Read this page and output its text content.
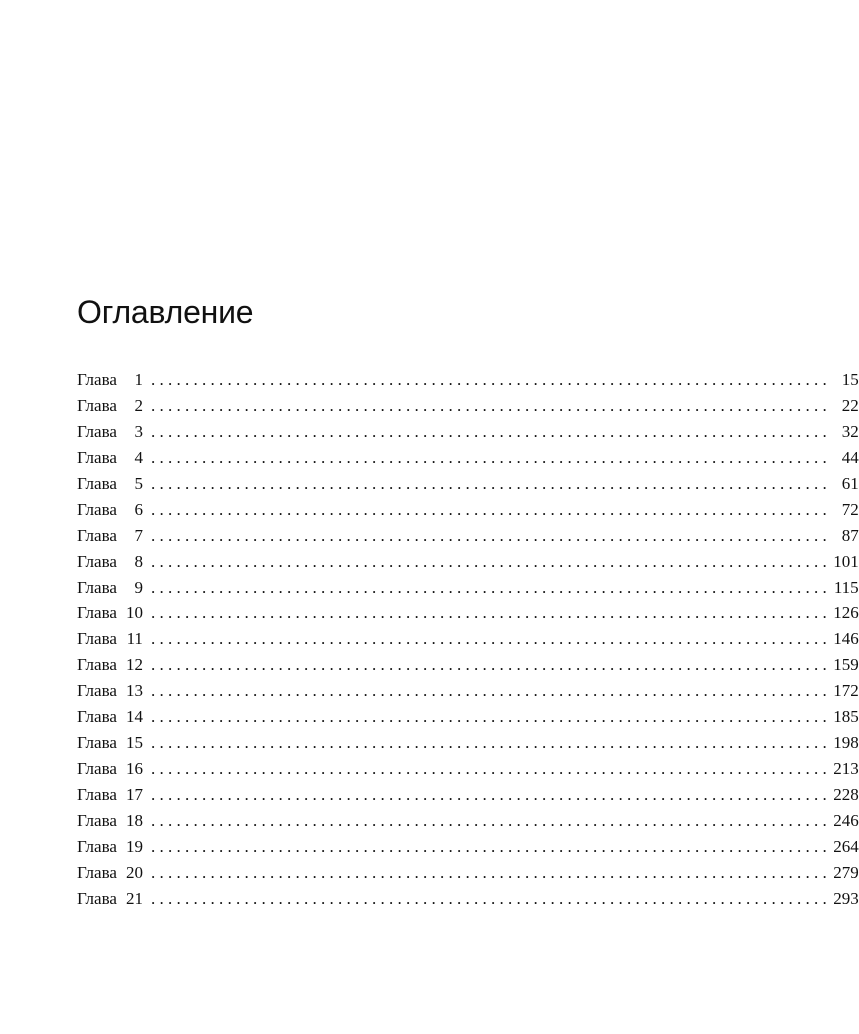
Оглавление
Глава	1 . . . . . . . . . . . . . . . . . . . . . . . . . . . . . . . . . . . . . . . . . . . . . . . . . . . . . . . . . . . . . . . . . . . . . . . . . . . . . . . . 15
Глава	2 . . . . . . . . . . . . . . . . . . . . . . . . . . . . . . . . . . . . . . . . . . . . . . . . . . . . . . . . . . . . . . . . . . . . . . . . . . . . . . . . 22
Глава	3 . . . . . . . . . . . . . . . . . . . . . . . . . . . . . . . . . . . . . . . . . . . . . . . . . . . . . . . . . . . . . . . . . . . . . . . . . . . . . . . . 32
Глава	4 . . . . . . . . . . . . . . . . . . . . . . . . . . . . . . . . . . . . . . . . . . . . . . . . . . . . . . . . . . . . . . . . . . . . . . . . . . . . . . . . 44
Глава	5 . . . . . . . . . . . . . . . . . . . . . . . . . . . . . . . . . . . . . . . . . . . . . . . . . . . . . . . . . . . . . . . . . . . . . . . . . . . . . . . . 61
Глава	6 . . . . . . . . . . . . . . . . . . . . . . . . . . . . . . . . . . . . . . . . . . . . . . . . . . . . . . . . . . . . . . . . . . . . . . . . . . . . . . . . 72
Глава	7 . . . . . . . . . . . . . . . . . . . . . . . . . . . . . . . . . . . . . . . . . . . . . . . . . . . . . . . . . . . . . . . . . . . . . . . . . . . . . . . . 87
Глава	8 . . . . . . . . . . . . . . . . . . . . . . . . . . . . . . . . . . . . . . . . . . . . . . . . . . . . . . . . . . . . . . . . . . . . . . . . . . . . . . . . 101
Глава	9 . . . . . . . . . . . . . . . . . . . . . . . . . . . . . . . . . . . . . . . . . . . . . . . . . . . . . . . . . . . . . . . . . . . . . . . . . . . . . . . . 115
Глава 10 . . . . . . . . . . . . . . . . . . . . . . . . . . . . . . . . . . . . . . . . . . . . . . . . . . . . . . . . . . . . . . . . . . . . . . . . . . . . . . . . 126
Глава 11 . . . . . . . . . . . . . . . . . . . . . . . . . . . . . . . . . . . . . . . . . . . . . . . . . . . . . . . . . . . . . . . . . . . . . . . . . . . . . . . . 146
Глава 12 . . . . . . . . . . . . . . . . . . . . . . . . . . . . . . . . . . . . . . . . . . . . . . . . . . . . . . . . . . . . . . . . . . . . . . . . . . . . . . . . 159
Глава 13 . . . . . . . . . . . . . . . . . . . . . . . . . . . . . . . . . . . . . . . . . . . . . . . . . . . . . . . . . . . . . . . . . . . . . . . . . . . . . . . . 172
Глава 14 . . . . . . . . . . . . . . . . . . . . . . . . . . . . . . . . . . . . . . . . . . . . . . . . . . . . . . . . . . . . . . . . . . . . . . . . . . . . . . . . 185
Глава 15 . . . . . . . . . . . . . . . . . . . . . . . . . . . . . . . . . . . . . . . . . . . . . . . . . . . . . . . . . . . . . . . . . . . . . . . . . . . . . . . . 198
Глава 16 . . . . . . . . . . . . . . . . . . . . . . . . . . . . . . . . . . . . . . . . . . . . . . . . . . . . . . . . . . . . . . . . . . . . . . . . . . . . . . . . 213
Глава 17 . . . . . . . . . . . . . . . . . . . . . . . . . . . . . . . . . . . . . . . . . . . . . . . . . . . . . . . . . . . . . . . . . . . . . . . . . . . . . . . . 228
Глава 18 . . . . . . . . . . . . . . . . . . . . . . . . . . . . . . . . . . . . . . . . . . . . . . . . . . . . . . . . . . . . . . . . . . . . . . . . . . . . . . . . 246
Глава 19 . . . . . . . . . . . . . . . . . . . . . . . . . . . . . . . . . . . . . . . . . . . . . . . . . . . . . . . . . . . . . . . . . . . . . . . . . . . . . . . . 264
Глава 20 . . . . . . . . . . . . . . . . . . . . . . . . . . . . . . . . . . . . . . . . . . . . . . . . . . . . . . . . . . . . . . . . . . . . . . . . . . . . . . . . 279
Глава 21 . . . . . . . . . . . . . . . . . . . . . . . . . . . . . . . . . . . . . . . . . . . . . . . . . . . . . . . . . . . . . . . . . . . . . . . . . . . . . . . . 293
